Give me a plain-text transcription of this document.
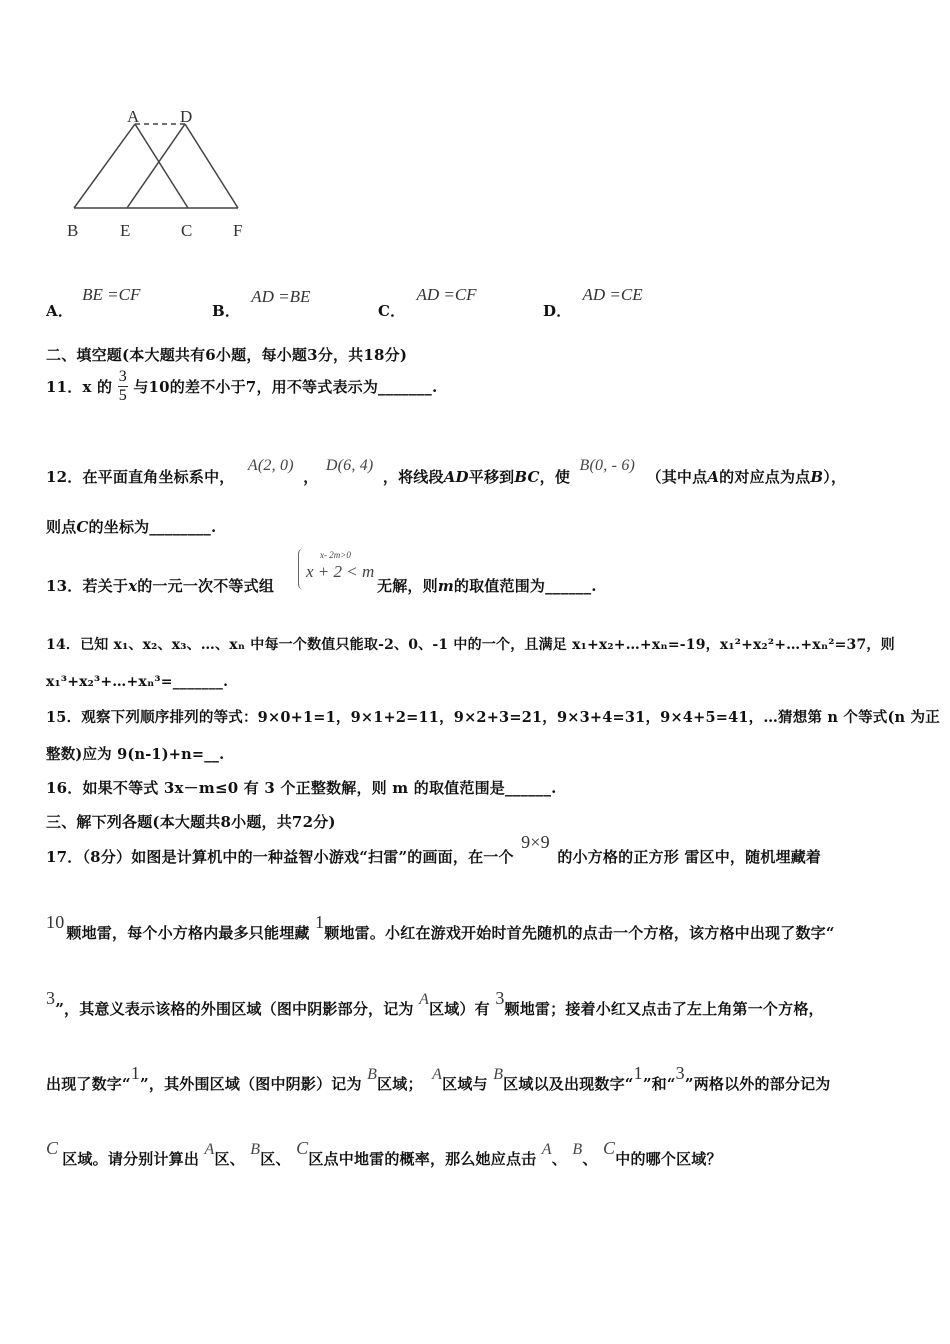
A D
B E	C F
A． BE =CF
B． AD =BE
C． AD =CF
D． AD =CE
二、填空题(本大题共有6小题，每小题3分，共18分)
11．x 的 $\frac{3}{5}$ 与10的差不小于7，用不等式表示为_______.
12．在平面直角坐标系中， A(2, 0) ， D(6, 4) ，将线段AD平移到BC，使 B(0, - 6) （其中点A的对应点为点B），
则点C的坐标为________.
13．若关于x的一元一次不等式组
x- 2m>0
x + 2 < m
无解，则m的取值范围为______.
14．已知 x₁、x₂、x₃、…、xₙ 中每一个数值只能取-2、0、-1 中的一个，且满足 x₁+x₂+…+xₙ=-19，x₁²+x₂²+…+xₙ²=37，则
x₁³+x₂³+…+xₙ³=_______.
15．观察下列顺序排列的等式：9×0+1=1，9×1+2=11，9×2+3=21，9×3+4=31，9×4+5=41，…猜想第 n 个等式(n 为正
整数)应为 9(n-1)+n=__.
16．如果不等式 3x－m≤0 有 3 个正整数解，则 m 的取值范围是______.
三、解下列各题(本大题共8小题，共72分)
17．（8分）如图是计算机中的一种益智小游戏“扫雷”的画面，在一个 9×9 的小方格的正方形 雷区中，随机埋藏着
10颗地雷，每个小方格内最多只能埋藏 1颗地雷。小红在游戏开始时首先随机的点击一个方格，该方格中出现了数字“
3”，其意义表示该格的外围区域（图中阴影部分，记为 A区域）有 3颗地雷；接着小红又点击了左上角第一个方格，
出现了数字“1”，其外围区域（图中阴影）记为 B区域； A区域与 B区域以及出现数字“1”和“3”两格以外的部分记为
C区域。请分别计算出 A区、 B区、 C区点中地雷的概率，那么她应点击 A、 B、 C中的哪个区域？
